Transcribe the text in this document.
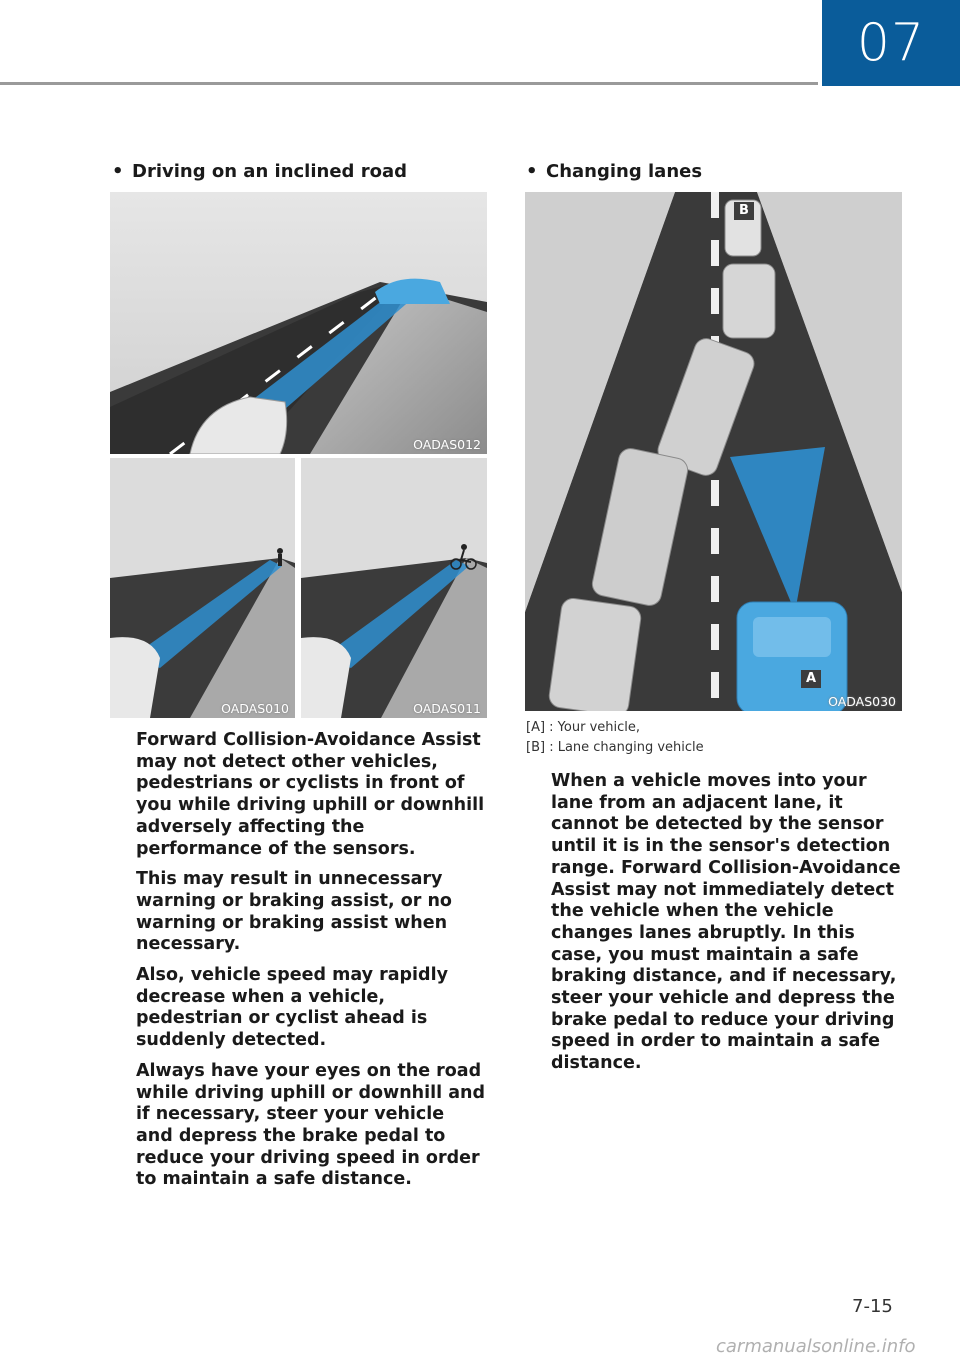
07
• Driving on an inclined road
OADAS012
OADAS010	OADAS011

Forward Collision-Avoidance Assist may not detect other vehicles, pedestrians or cyclists in front of you while driving uphill or downhill adversely affecting the performance of the sensors.

This may result in unnecessary warning or braking assist, or no warning or braking assist when necessary.

Also, vehicle speed may rapidly decrease when a vehicle, pedestrian or cyclist ahead is suddenly detected.

Always have your eyes on the road while driving uphill or downhill and if necessary, steer your vehicle and depress the brake pedal to reduce your driving speed in order to maintain a safe distance.

• Changing lanes
B
A
OADAS030
[A] : Your vehicle,
[B] : Lane changing vehicle

When a vehicle moves into your lane from an adjacent lane, it cannot be detected by the sensor until it is in the sensor's detection range. Forward Collision-Avoidance Assist may not immediately detect the vehicle when the vehicle changes lanes abruptly. In this case, you must maintain a safe braking distance, and if necessary, steer your vehicle and depress the brake pedal to reduce your driving speed in order to maintain a safe distance.

7-15
carmanualsonline.info
